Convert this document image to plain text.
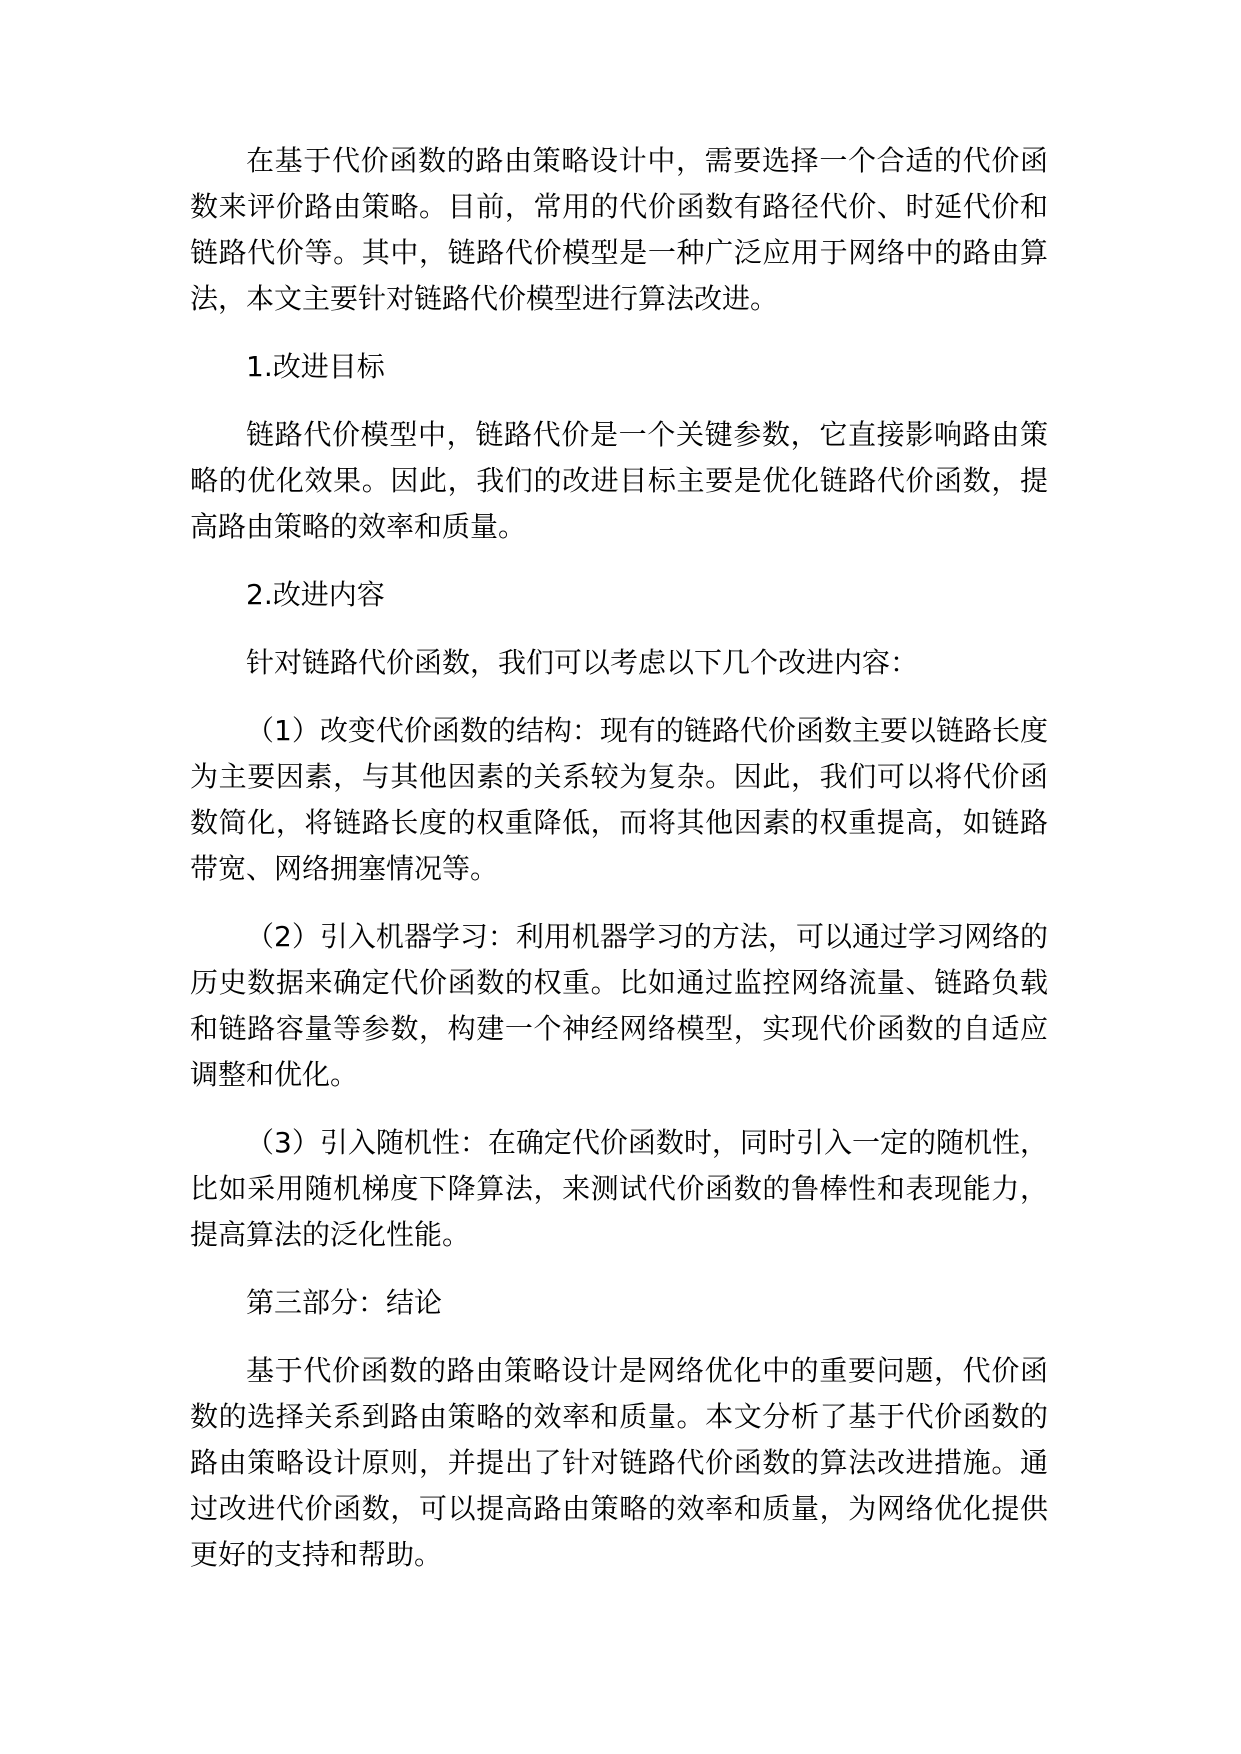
在基于代价函数的路由策略设计中，需要选择一个合适的代价函数来评价路由策略。目前，常用的代价函数有路径代价、时延代价和链路代价等。其中，链路代价模型是一种广泛应用于网络中的路由算法，本文主要针对链路代价模型进行算法改进。

1.改进目标

链路代价模型中，链路代价是一个关键参数，它直接影响路由策略的优化效果。因此，我们的改进目标主要是优化链路代价函数，提高路由策略的效率和质量。

2.改进内容

针对链路代价函数，我们可以考虑以下几个改进内容：

（1）改变代价函数的结构：现有的链路代价函数主要以链路长度为主要因素，与其他因素的关系较为复杂。因此，我们可以将代价函数简化，将链路长度的权重降低，而将其他因素的权重提高，如链路带宽、网络拥塞情况等。

（2）引入机器学习：利用机器学习的方法，可以通过学习网络的历史数据来确定代价函数的权重。比如通过监控网络流量、链路负载和链路容量等参数，构建一个神经网络模型，实现代价函数的自适应调整和优化。

（3）引入随机性：在确定代价函数时，同时引入一定的随机性，比如采用随机梯度下降算法，来测试代价函数的鲁棒性和表现能力，提高算法的泛化性能。

第三部分：结论

基于代价函数的路由策略设计是网络优化中的重要问题，代价函数的选择关系到路由策略的效率和质量。本文分析了基于代价函数的路由策略设计原则，并提出了针对链路代价函数的算法改进措施。通过改进代价函数，可以提高路由策略的效率和质量，为网络优化提供更好的支持和帮助。
